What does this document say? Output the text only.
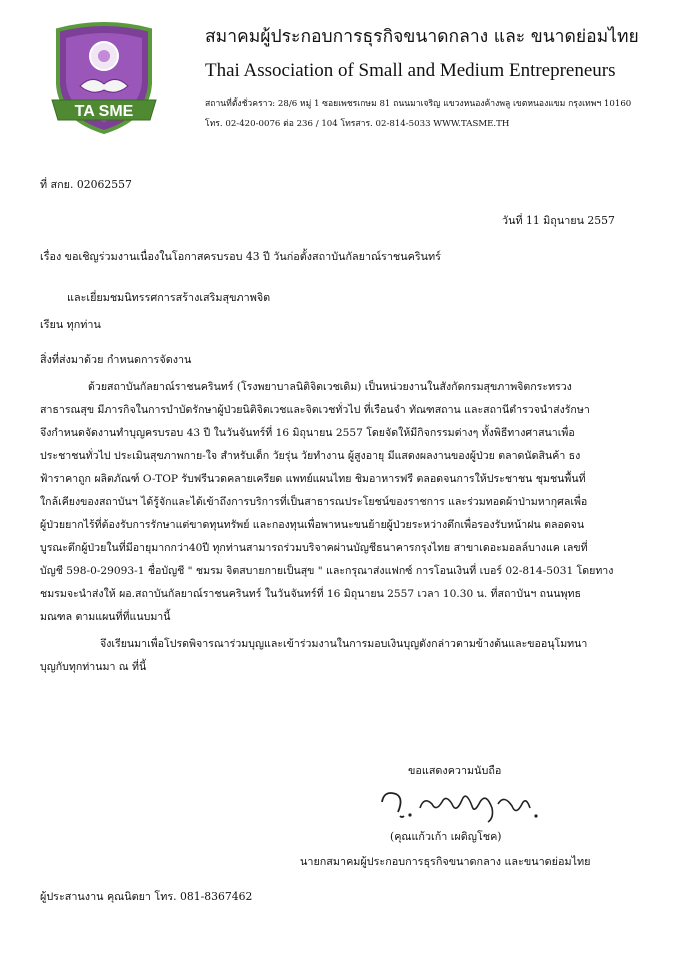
TA SME
สมาคมผู้ประกอบการธุรกิจขนาดกลาง และ ขนาดย่อมไทย
Thai Association of Small and Medium Entrepreneurs
สถานที่ตั้งชั่วคราว: 28/6 หมู่ 1 ซอยเพชรเกษม 81 ถนนมาเจริญ แขวงหนองค้างพลู เขตหนองแขม กรุงเทพฯ 10160
โทร. 02-420-0076 ต่อ 236 / 104 โทรสาร. 02-814-5033 WWW.TASME.TH
ที่ สกย. 02062557
วันที่ 11 มิถุนายน 2557
เรื่อง ขอเชิญร่วมงานเนื่องในโอกาสครบรอบ 43 ปี วันก่อตั้งสถาบันกัลยาณ์ราชนครินทร์
และเยี่ยมชมนิทรรศการสร้างเสริมสุขภาพจิต
เรียน ทุกท่าน
สิ่งที่ส่งมาด้วย กำหนดการจัดงาน
ด้วยสถาบันกัลยาณ์ราชนครินทร์ (โรงพยาบาลนิติจิตเวชเดิม) เป็นหน่วยงานในสังกัดกรมสุขภาพจิตกระทรวง
สาธารณสุข มีภารกิจในการบำบัดรักษาผู้ป่วยนิติจิตเวชและจิตเวชทั่วไป ที่เรือนจำ ทัณฑสถาน และสถานีตำรวจนำส่งรักษา
จึงกำหนดจัดงานทำบุญครบรอบ 43 ปี ในวันจันทร์ที่ 16 มิถุนายน 2557 โดยจัดให้มีกิจกรรมต่างๆ ทั้งพิธีทางศาสนาเพื่อ
ประชาชนทั่วไป ประเมินสุขภาพกาย-ใจ สำหรับเด็ก วัยรุ่น วัยทำงาน ผู้สูงอายุ มีแสดงผลงานของผู้ป่วย ตลาดนัดสินค้า ธง
ฟ้าราคาถูก ผลิตภัณฑ์ O-TOP รับฟรีนวดคลายเครียด แพทย์แผนไทย ชิมอาหารฟรี ตลอดจนการให้ประชาชน ชุมชนพื้นที่
ใกล้เคียงของสถาบันฯ ได้รู้จักและได้เข้าถึงการบริการที่เป็นสาธารณประโยชน์ของราชการ และร่วมทอดผ้าป่ามหากุศลเพื่อ
ผู้ป่วยยากไร้ที่ต้องรับการรักษาแต่ขาดทุนทรัพย์ และกองทุนเพื่อพาหนะขนย้ายผู้ป่วยระหว่างตึกเพื่อรองรับหน้าฝน ตลอดจน
บูรณะตึกผู้ป่วยในที่มีอายุมากกว่า40ปี ทุกท่านสามารถร่วมบริจาคผ่านบัญชีธนาคารกรุงไทย สาขาเดอะมอลล์บางแค เลขที่
บัญชี 598-0-29093-1 ชื่อบัญชี " ชมรม จิตสบายกายเป็นสุข " และกรุณาส่งแฟกซ์ การโอนเงินที่ เบอร์ 02-814-5031 โดยทาง
ชมรมจะนำส่งให้ ผอ.สถาบันกัลยาณ์ราชนครินทร์ ในวันจันทร์ที่ 16 มิถุนายน 2557 เวลา 10.30 น. ที่สถาบันฯ ถนนพุทธ
มณฑล ตามแผนที่ที่แนบมานี้
จึงเรียนมาเพื่อโปรดพิจารณาร่วมบุญและเข้าร่วมงานในการมอบเงินบุญดังกล่าวตามข้างต้นและขออนุโมทนา
บุญกับทุกท่านมา ณ ที่นี้
ขอแสดงความนับถือ
(คุณแก้วเก้า เผดิญโชค)
นายกสมาคมผู้ประกอบการธุรกิจขนาดกลาง และขนาดย่อมไทย
ผู้ประสานงาน คุณนิตยา โทร. 081-8367462
